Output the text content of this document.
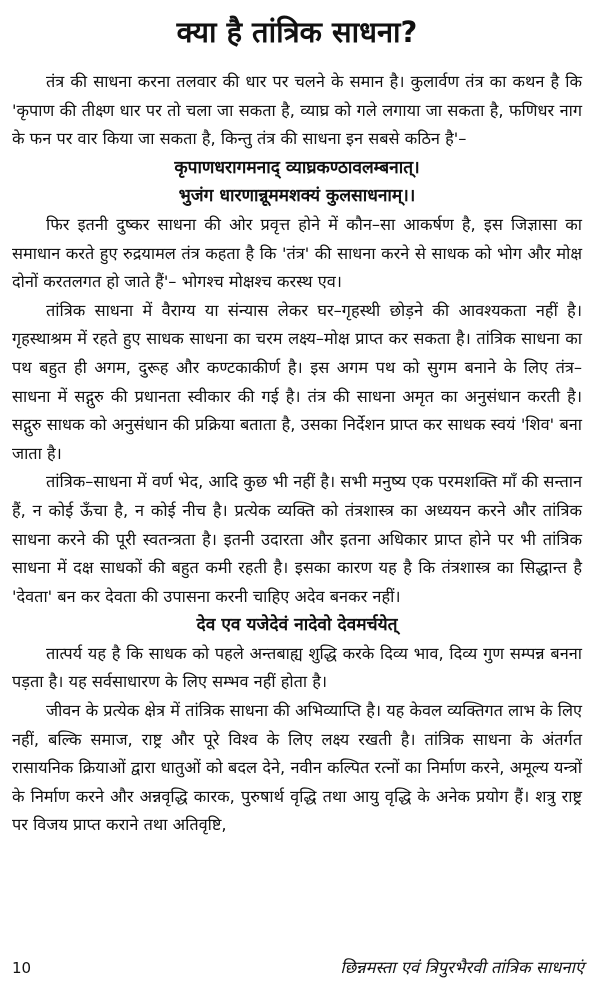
क्या है तांत्रिक साधना?

तंत्र की साधना करना तलवार की धार पर चलने के समान है। कुलार्वण तंत्र का कथन है कि 'कृपाण की तीक्ष्ण धार पर तो चला जा सकता है, व्याघ्र को गले लगाया जा सकता है, फणिधर नाग के फन पर वार किया जा सकता है, किन्तु तंत्र की साधना इन सबसे कठिन है'–

कृपाणधरागमनाद् व्याघ्रकण्ठावलम्बनात्।

भुजंग धारणान्नूममशक्यं कुलसाधनाम्।।

फिर इतनी दुष्कर साधना की ओर प्रवृत्त होने में कौन–सा आकर्षण है, इस जिज्ञासा का समाधान करते हुए रुद्रयामल तंत्र कहता है कि 'तंत्र' की साधना करने से साधक को भोग और मोक्ष दोनों करतलगत हो जाते हैं'– भोगश्च मोक्षश्च करस्थ एव।

तांत्रिक साधना में वैराग्य या संन्यास लेकर घर–गृहस्थी छोड़ने की आवश्यकता नहीं है। गृहस्थाश्रम में रहते हुए साधक साधना का चरम लक्ष्य–मोक्ष प्राप्त कर सकता है। तांत्रिक साधना का पथ बहुत ही अगम, दुरूह और कण्टकाकीर्ण है। इस अगम पथ को सुगम बनाने के लिए तंत्र–साधना में सद्गुरु की प्रधानता स्वीकार की गई है। तंत्र की साधना अमृत का अनुसंधान करती है। सद्गुरु साधक को अनुसंधान की प्रक्रिया बताता है, उसका निर्देशन प्राप्त कर साधक स्वयं 'शिव' बना जाता है।

तांत्रिक–साधना में वर्ण भेद, आदि कुछ भी नहीं है। सभी मनुष्य एक परमशक्ति माँ की सन्तान हैं, न कोई ऊँचा है, न कोई नीच है। प्रत्येक व्यक्ति को तंत्रशास्त्र का अध्ययन करने और तांत्रिक साधना करने की पूरी स्वतन्त्रता है। इतनी उदारता और इतना अधिकार प्राप्त होने पर भी तांत्रिक साधना में दक्ष साधकों की बहुत कमी रहती है। इसका कारण यह है कि तंत्रशास्त्र का सिद्धान्त है 'देवता' बन कर देवता की उपासना करनी चाहिए अदेव बनकर नहीं।

देव एव यजेदेवं नादेवो देवमर्चयेत्

तात्पर्य यह है कि साधक को पहले अन्तबाह्य शुद्धि करके दिव्य भाव, दिव्य गुण सम्पन्न बनना पड़ता है। यह सर्वसाधारण के लिए सम्भव नहीं होता है।

जीवन के प्रत्येक क्षेत्र में तांत्रिक साधना की अभिव्याप्ति है। यह केवल व्यक्तिगत लाभ के लिए नहीं, बल्कि समाज, राष्ट्र और पूरे विश्व के लिए लक्ष्य रखती है। तांत्रिक साधना के अंतर्गत रासायनिक क्रियाओं द्वारा धातुओं को बदल देने, नवीन कल्पित रत्नों का निर्माण करने, अमूल्य यन्त्रों के निर्माण करने और अन्नवृद्धि कारक, पुरुषार्थ वृद्धि तथा आयु वृद्धि के अनेक प्रयोग हैं। शत्रु राष्ट्र पर विजय प्राप्त कराने तथा अतिवृष्टि,

10	छिन्नमस्ता एवं त्रिपुरभैरवी तांत्रिक साधनाएं
